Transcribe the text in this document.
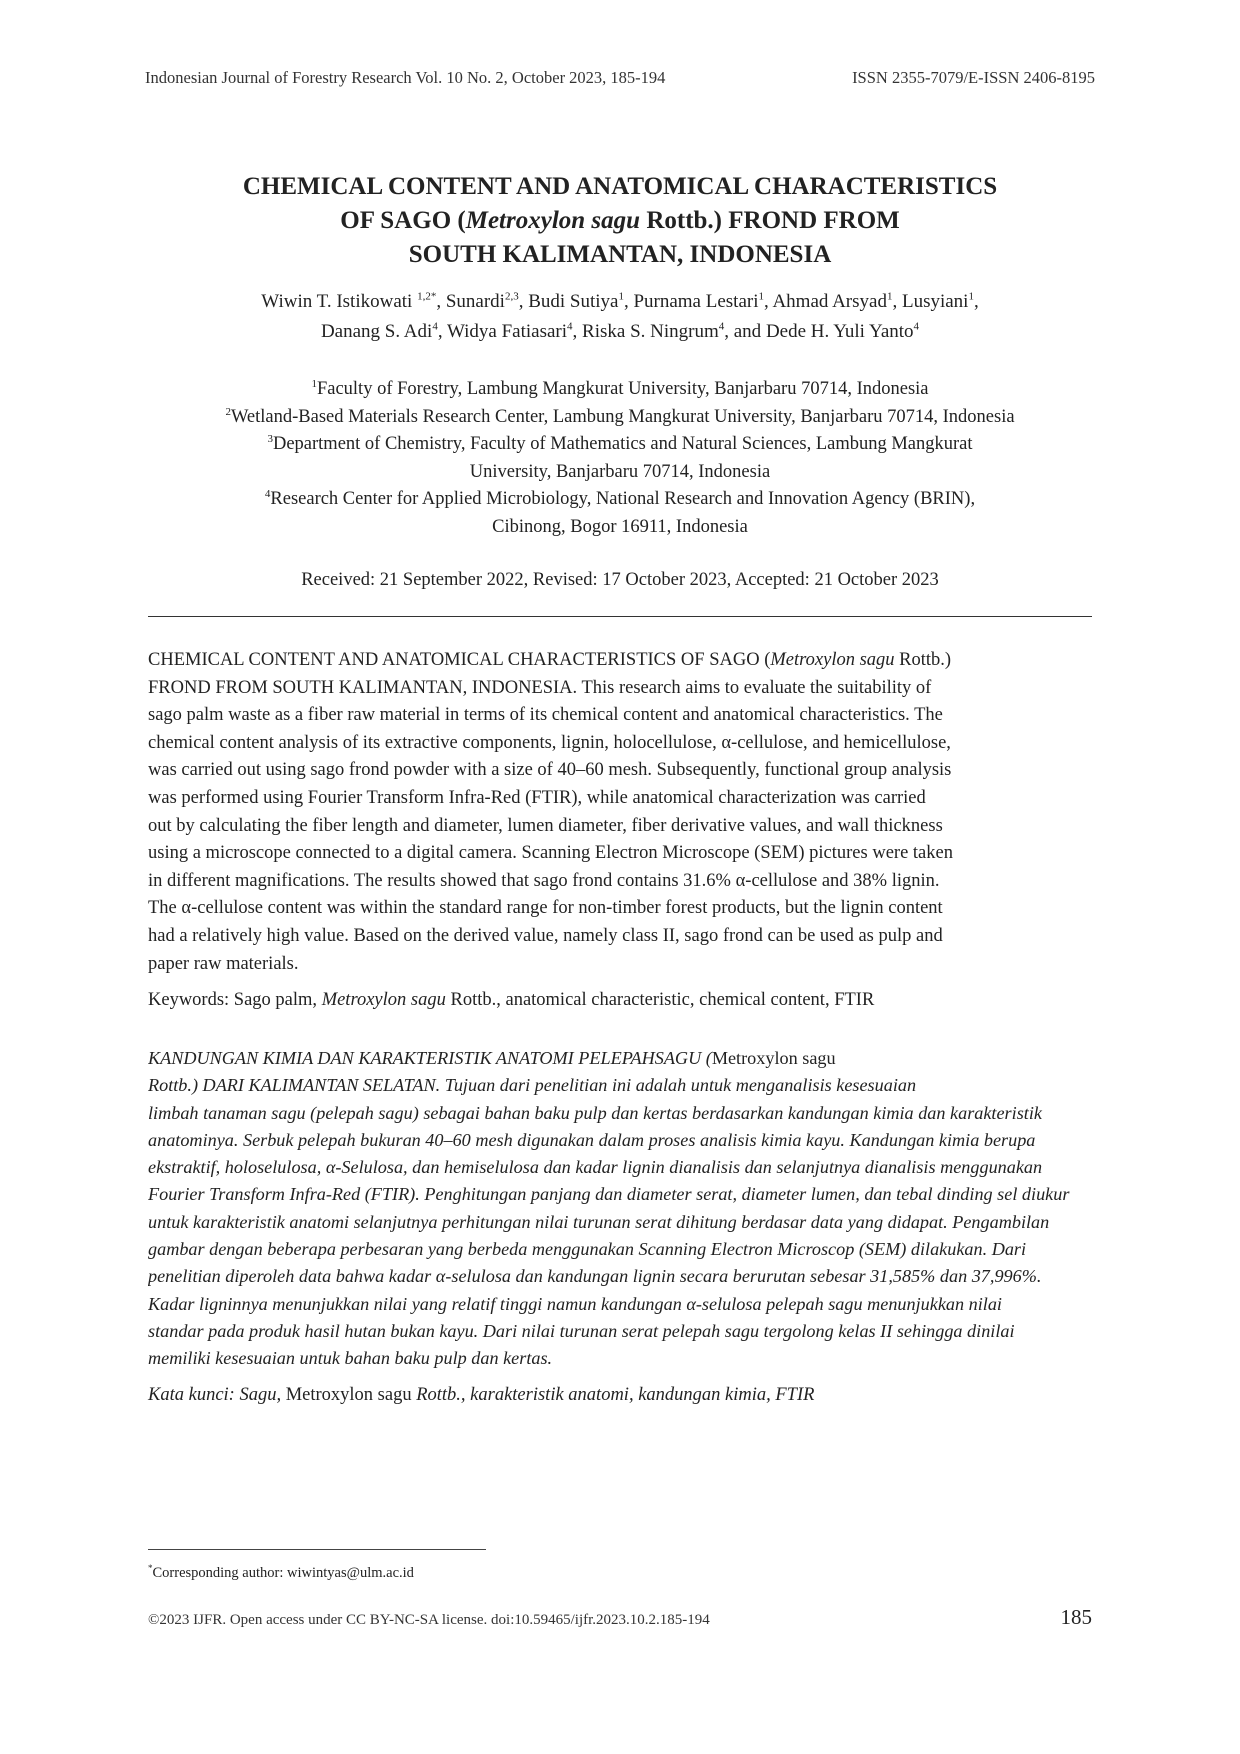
Indonesian Journal of Forestry Research Vol. 10 No. 2, October 2023, 185-194	ISSN 2355-7079/E-ISSN 2406-8195
CHEMICAL CONTENT AND ANATOMICAL CHARACTERISTICS
OF SAGO (Metroxylon sagu Rottb.) FROND FROM
SOUTH KALIMANTAN, INDONESIA
Wiwin T. Istikowati $^{1,2*}$, Sunardi$^{2,3}$, Budi Sutiya$^1$, Purnama Lestari$^1$, Ahmad Arsyad$^1$, Lusyiani$^1$,
Danang S. Adi$^4$, Widya Fatiasari$^4$, Riska S. Ningrum$^4$, and Dede H. Yuli Yanto$^4$
$^1$Faculty of Forestry, Lambung Mangkurat University, Banjarbaru 70714, Indonesia
$^2$Wetland-Based Materials Research Center, Lambung Mangkurat University, Banjarbaru 70714, Indonesia
$^3$Department of Chemistry, Faculty of Mathematics and Natural Sciences, Lambung Mangkurat
University, Banjarbaru 70714, Indonesia
$^4$Research Center for Applied Microbiology, National Research and Innovation Agency (BRIN),
Cibinong, Bogor 16911, Indonesia
Received: 21 September 2022, Revised: 17 October 2023, Accepted: 21 October 2023
CHEMICAL CONTENT AND ANATOMICAL CHARACTERISTICS OF SAGO (Metroxylon sagu Rottb.)
FROND FROM SOUTH KALIMANTAN, INDONESIA. This research aims to evaluate the suitability of
sago palm waste as a fiber raw material in terms of its chemical content and anatomical characteristics. The
chemical content analysis of its extractive components, lignin, holocellulose, α-cellulose, and hemicellulose,
was carried out using sago frond powder with a size of 40–60 mesh. Subsequently, functional group analysis
was performed using Fourier Transform Infra-Red (FTIR), while anatomical characterization was carried
out by calculating the fiber length and diameter, lumen diameter, fiber derivative values, and wall thickness
using a microscope connected to a digital camera. Scanning Electron Microscope (SEM) pictures were taken
in different magnifications. The results showed that sago frond contains 31.6% α-cellulose and 38% lignin.
The α-cellulose content was within the standard range for non-timber forest products, but the lignin content
had a relatively high value. Based on the derived value, namely class II, sago frond can be used as pulp and
paper raw materials.
Keywords: Sago palm, Metroxylon sagu Rottb., anatomical characteristic, chemical content, FTIR
KANDUNGAN KIMIA DAN KARAKTERISTIK ANATOMI PELEPAHSAGU (Metroxylon sagu
Rottb.) DARI KALIMANTAN SELATAN. Tujuan dari penelitian ini adalah untuk menganalisis kesesuaian
limbah tanaman sagu (pelepah sagu) sebagai bahan baku pulp dan kertas berdasarkan kandungan kimia dan karakteristik
anatominya. Serbuk pelepah bukuran 40–60 mesh digunakan dalam proses analisis kimia kayu. Kandungan kimia berupa
ekstraktif, holoselulosa, α-Selulosa, dan hemiselulosa dan kadar lignin dianalisis dan selanjutnya dianalisis menggunakan
Fourier Transform Infra-Red (FTIR). Penghitungan panjang dan diameter serat, diameter lumen, dan tebal dinding sel diukur
untuk karakteristik anatomi selanjutnya perhitungan nilai turunan serat dihitung berdasar data yang didapat. Pengambilan
gambar dengan beberapa perbesaran yang berbeda menggunakan Scanning Electron Microscop (SEM) dilakukan. Dari
penelitian diperoleh data bahwa kadar α-selulosa dan kandungan lignin secara berurutan sebesar 31,585% dan 37,996%.
Kadar ligninnya menunjukkan nilai yang relatif tinggi namun kandungan α-selulosa pelepah sagu menunjukkan nilai
standar pada produk hasil hutan bukan kayu. Dari nilai turunan serat pelepah sagu tergolong kelas II sehingga dinilai
memiliki kesesuaian untuk bahan baku pulp dan kertas.
Kata kunci: Sagu, Metroxylon sagu Rottb., karakteristik anatomi, kandungan kimia, FTIR
*Corresponding author: wiwintyas@ulm.ac.id
©2023 IJFR. Open access under CC BY-NC-SA license. doi:10.59465/ijfr.2023.10.2.185-194	185
